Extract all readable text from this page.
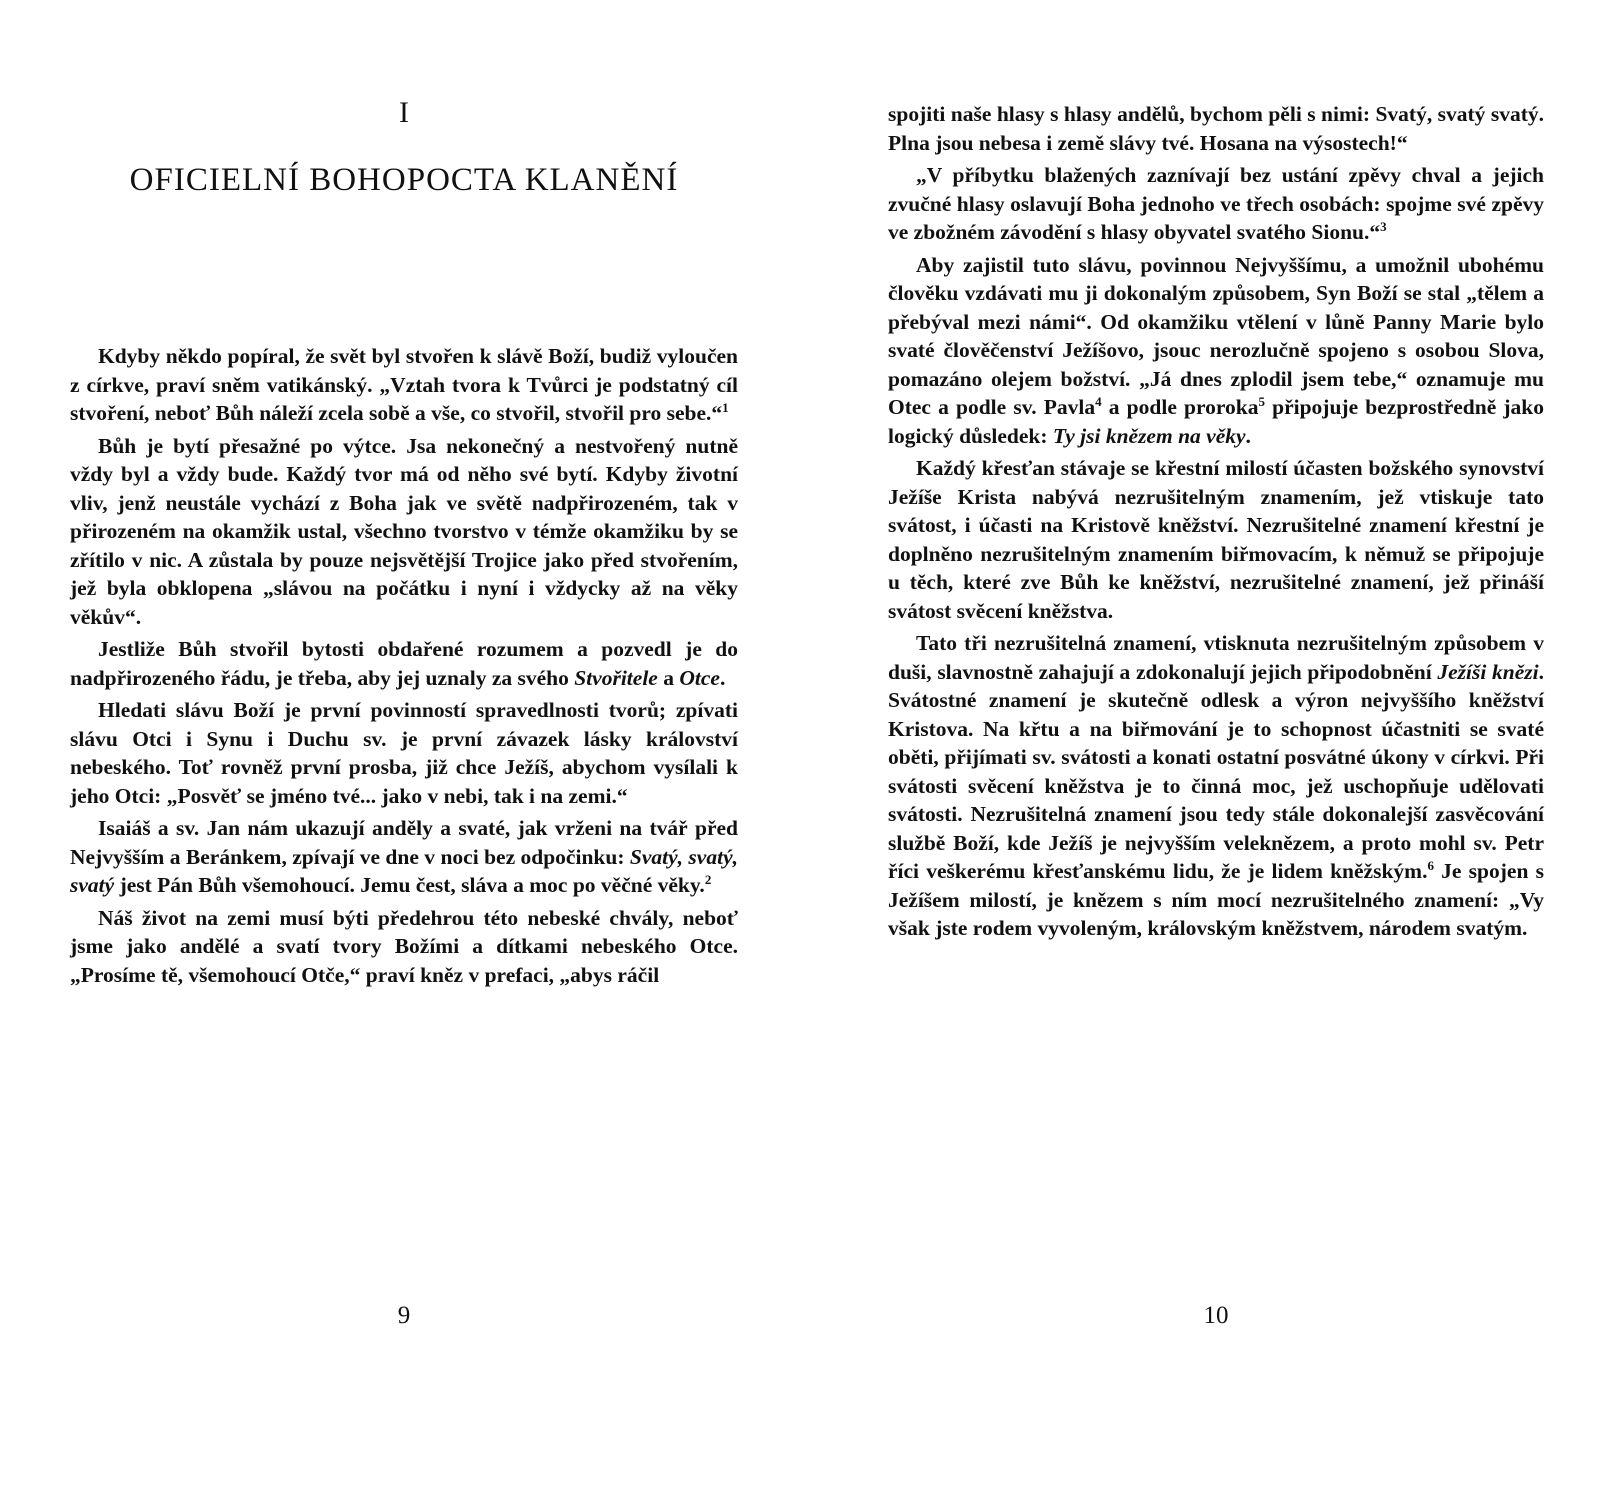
I
OFICIELNÍ BOHOPOCTA KLANĚNÍ

Kdyby někdo popíral, že svět byl stvořen k slávě Boží, budiž vyloučen z církve, praví sněm vatikánský. „Vztah tvora k Tvůrci je podstatný cíl stvoření, neboť Bůh náleží zcela sobě a vše, co stvořil, stvořil pro sebe.“$^1$

Bůh je bytí přesažné po výtce. Jsa nekonečný a nestvořený nutně vždy byl a vždy bude. Každý tvor má od něho své bytí. Kdyby životní vliv, jenž neustále vychází z Boha jak ve světě nadpřirozeném, tak v přirozeném na okamžik ustal, všechno tvorstvo v témže okamžiku by se zřítilo v nic. A zůstala by pouze nejsvětější Trojice jako před stvořením, jež byla obklopena „slávou na počátku i nyní i vždycky až na věky věkův“.

Jestliže Bůh stvořil bytosti obdařené rozumem a pozvedl je do nadpřirozeného řádu, je třeba, aby jej uznaly za svého Stvořitele a Otce.

Hledati slávu Boží je první povinností spravedlnosti tvorů; zpívati slávu Otci i Synu i Duchu sv. je první závazek lásky království nebeského. Toť rovněž první prosba, již chce Ježíš, abychom vysílali k jeho Otci: „Posvěť se jméno tvé... jako v nebi, tak i na zemi.“

Isaiáš a sv. Jan nám ukazují anděly a svaté, jak vrženi na tvář před Nejvyšším a Beránkem, zpívají ve dne v noci bez odpočinku: Svatý, svatý, svatý jest Pán Bůh všemohoucí. Jemu čest, sláva a moc po věčné věky.$^2$

Náš život na zemi musí býti předehrou této nebeské chvály, neboť jsme jako andělé a svatí tvory Božími a dítkami nebeského Otce. „Prosíme tě, všemohoucí Otče,“ praví kněz v prefaci, „abys ráčil

9

spojiti naše hlasy s hlasy andělů, bychom pěli s nimi: Svatý, svatý svatý. Plna jsou nebesa i země slávy tvé. Hosana na výsostech!“

„V příbytku blažených zaznívají bez ustání zpěvy chval a jejich zvučné hlasy oslavují Boha jednoho ve třech osobách: spojme své zpěvy ve zbožném závodění s hlasy obyvatel svatého Sionu.“$^3$

Aby zajistil tuto slávu, povinnou Nejvyššímu, a umožnil ubohému člověku vzdávati mu ji dokonalým způsobem, Syn Boží se stal „tělem a přebýval mezi námi“. Od okamžiku vtělení v lůně Panny Marie bylo svaté člověčenství Ježíšovo, jsouc nerozlučně spojeno s osobou Slova, pomazáno olejem božství. „Já dnes zplodil jsem tebe,“ oznamuje mu Otec a podle sv. Pavla$^4$ a podle proroka$^5$ připojuje bezprostředně jako logický důsledek: Ty jsi knězem na věky.

Každý křesťan stávaje se křestní milostí účasten božského synovství Ježíše Krista nabývá nezrušitelným znamením, jež vtiskuje tato svátost, i účasti na Kristově kněžství. Nezrušitelné znamení křestní je doplněno nezrušitelným znamením biřmovacím, k němuž se připojuje u těch, které zve Bůh ke kněžství, nezrušitelné znamení, jež přináší svátost svěcení kněžstva.

Tato tři nezrušitelná znamení, vtisknuta nezrušitelným způsobem v duši, slavnostně zahajují a zdokonalují jejich připodobnění Ježíši knězi. Svátostné znamení je skutečně odlesk a výron nejvyššího kněžství Kristova. Na křtu a na biřmování je to schopnost účastniti se svaté oběti, přijímati sv. svátosti a konati ostatní posvátné úkony v církvi. Při svátosti svěcení kněžstva je to činná moc, jež uschopňuje udělovati svátosti. Nezrušitelná znamení jsou tedy stále dokonalejší zasvěcování službě Boží, kde Ježíš je nejvyšším veleknězem, a proto mohl sv. Petr říci veškerému křesťanskému lidu, že je lidem kněžským.$^6$ Je spojen s Ježíšem milostí, je knězem s ním mocí nezrušitelného znamení: „Vy však jste rodem vyvoleným, královským kněžstvem, národem svatým.

10
